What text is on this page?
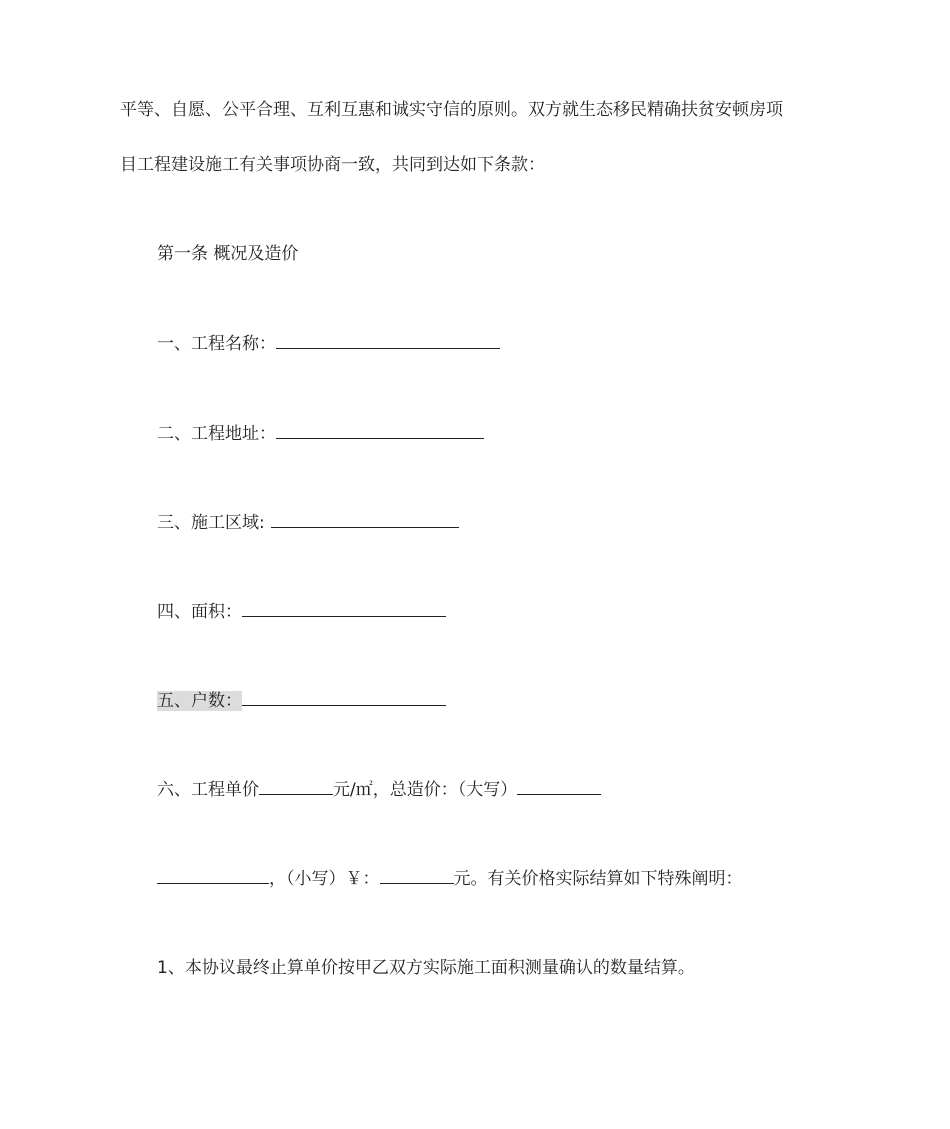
平等、自愿、公平合理、互利互惠和诚实守信的原则。双方就生态移民精确扶贫安顿房项
目工程建设施工有关事项协商一致，共同到达如下条款：
第一条 概况及造价
一、工程名称：
二、工程地址：
三、施工区域:
四、面积：
五、户数：
六、工程单价	元/㎡，总造价：（大写）
，（小写）￥：	元。有关价格实际结算如下特殊阐明：
1、本协议最终止算单价按甲乙双方实际施工面积测量确认的数量结算。
